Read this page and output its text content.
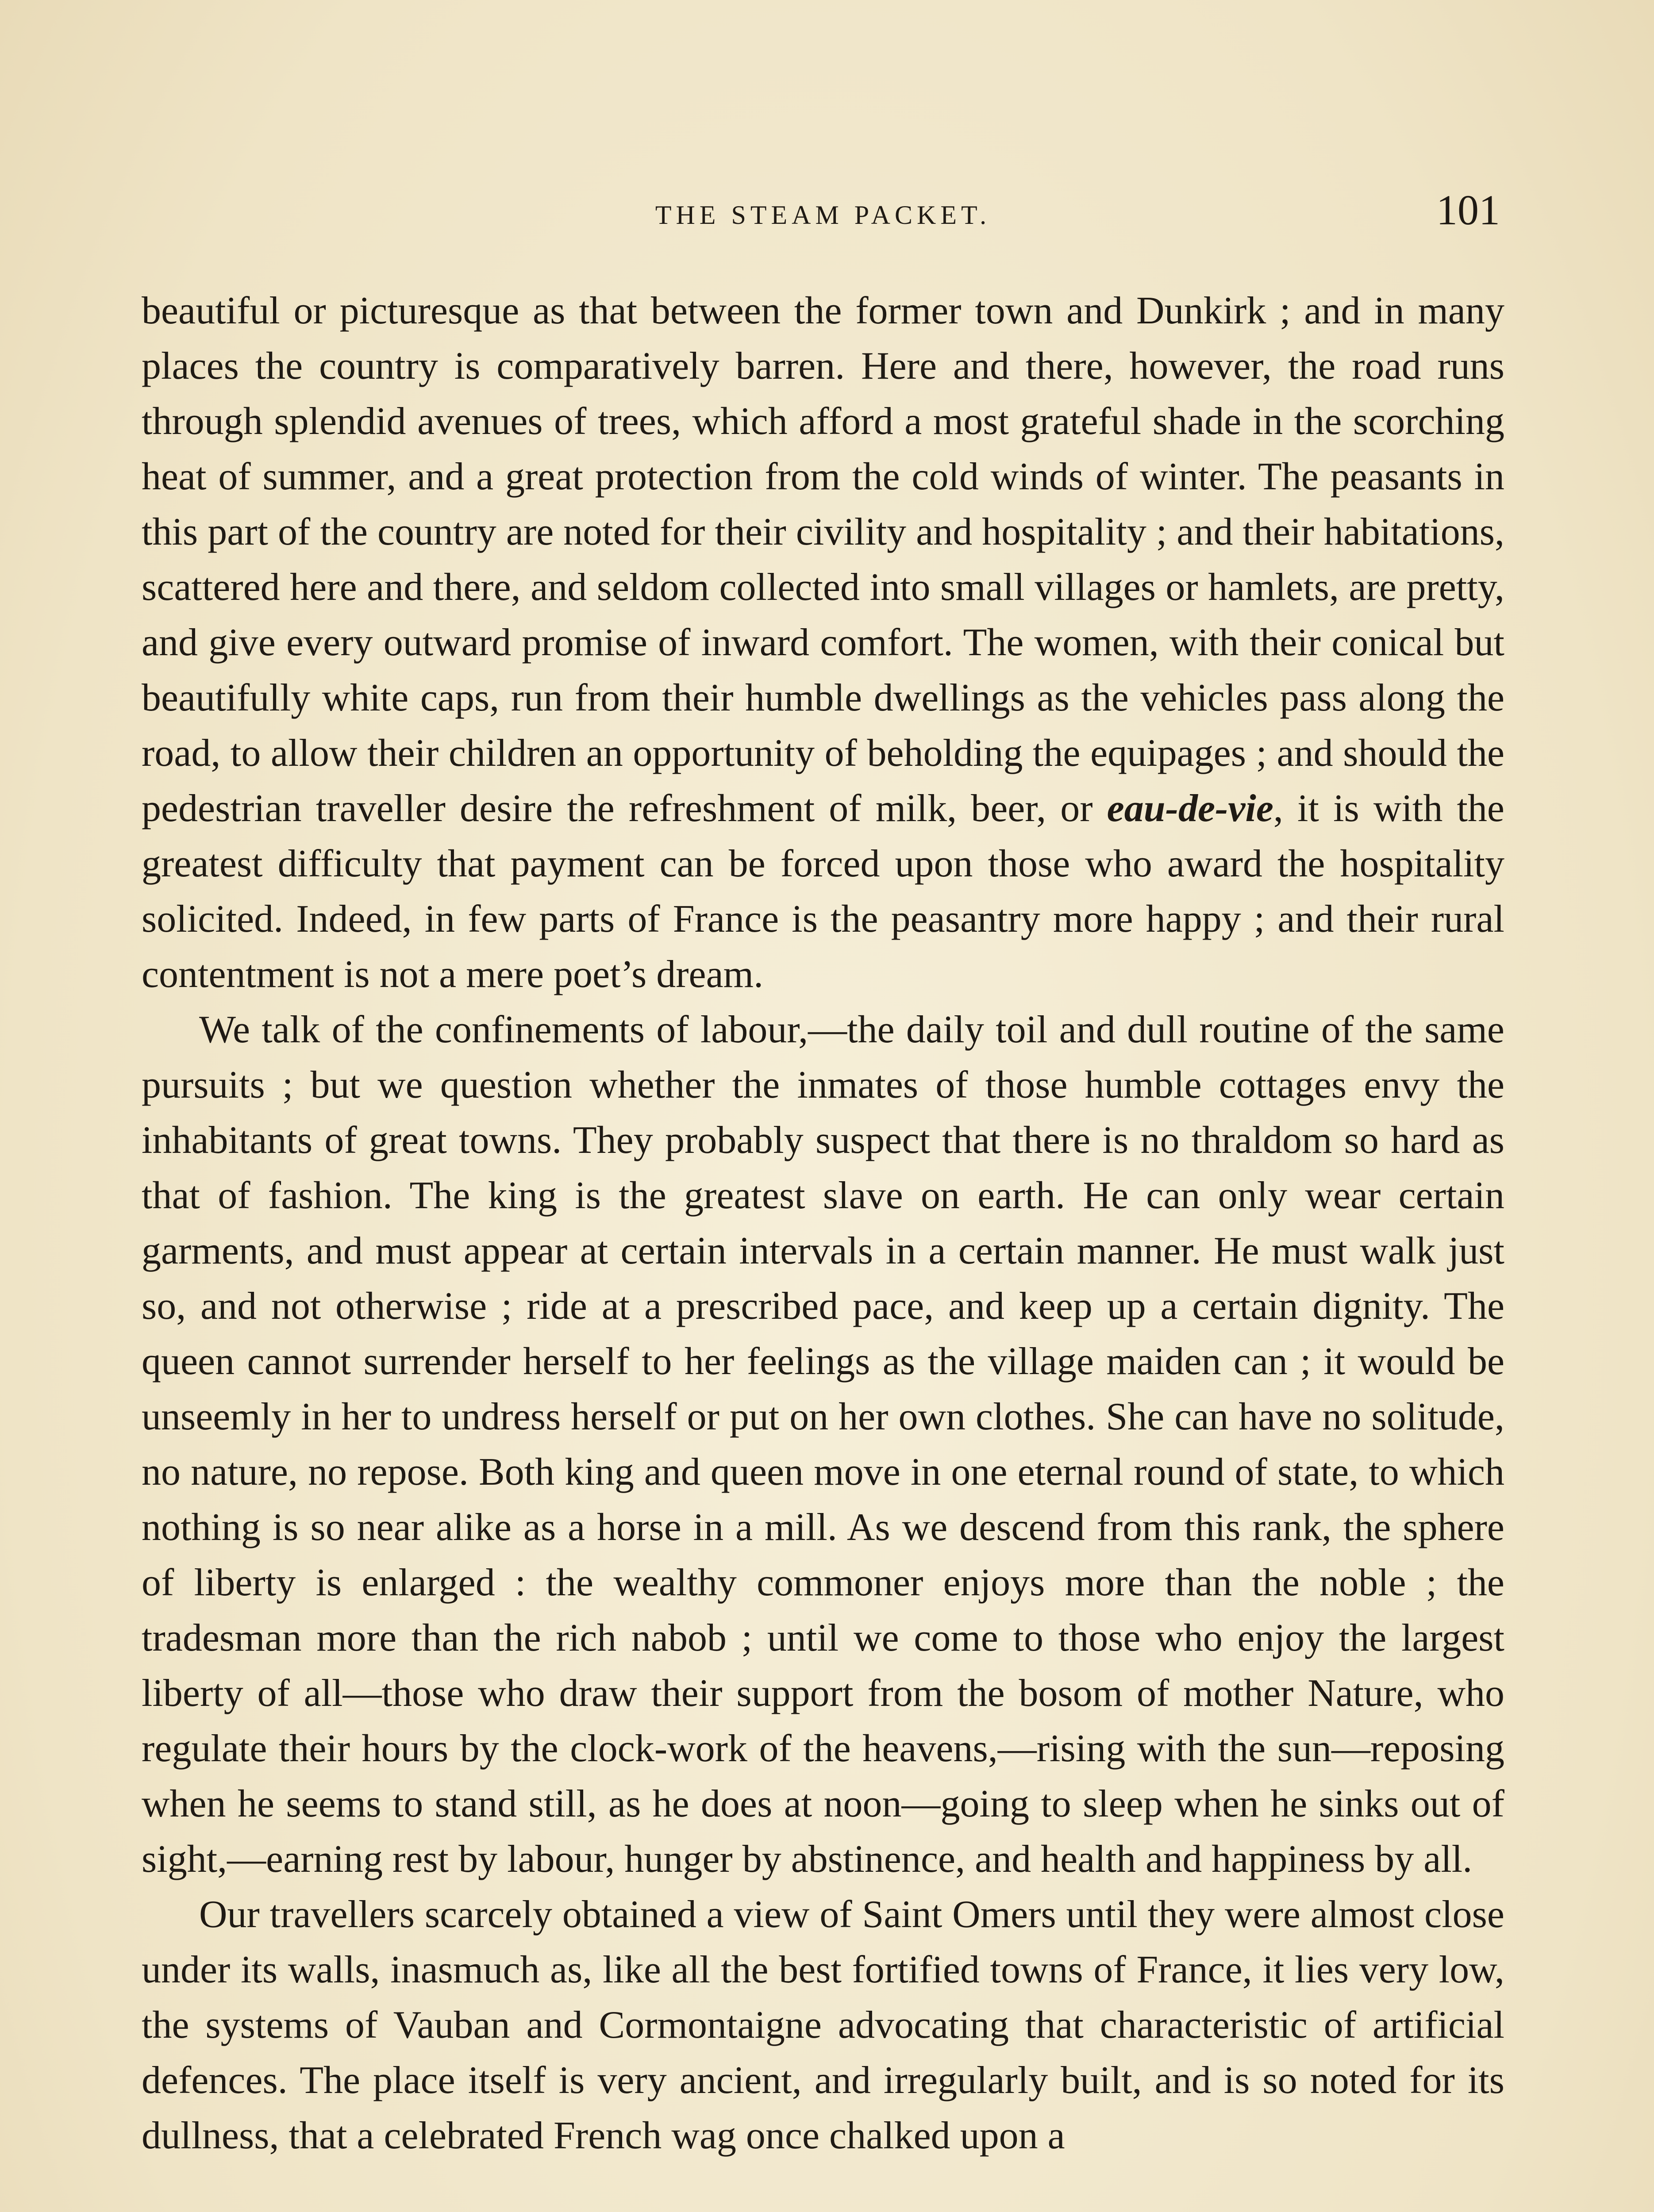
THE STEAM PACKET.	101

beautiful or picturesque as that between the former town and Dunkirk ; and in many places the country is comparatively barren. Here and there, however, the road runs through splendid avenues of trees, which afford a most grateful shade in the scorching heat of summer, and a great protection from the cold winds of winter. The peasants in this part of the country are noted for their civility and hospitality ; and their habitations, scattered here and there, and seldom collected into small villages or hamlets, are pretty, and give every outward promise of inward comfort. The women, with their conical but beautifully white caps, run from their humble dwellings as the vehicles pass along the road, to allow their children an opportunity of beholding the equipages ; and should the pedestrian traveller desire the refreshment of milk, beer, or eau-de-vie, it is with the greatest difficulty that payment can be forced upon those who award the hospitality solicited. Indeed, in few parts of France is the peasantry more happy ; and their rural contentment is not a mere poet’s dream.

We talk of the confinements of labour,—the daily toil and dull routine of the same pursuits ; but we question whether the inmates of those humble cottages envy the inhabitants of great towns. They probably suspect that there is no thraldom so hard as that of fashion. The king is the greatest slave on earth. He can only wear certain garments, and must appear at certain intervals in a certain manner. He must walk just so, and not otherwise ; ride at a prescribed pace, and keep up a certain dignity. The queen cannot surrender herself to her feelings as the village maiden can ; it would be unseemly in her to undress herself or put on her own clothes. She can have no solitude, no nature, no repose. Both king and queen move in one eternal round of state, to which nothing is so near alike as a horse in a mill. As we descend from this rank, the sphere of liberty is enlarged : the wealthy commoner enjoys more than the noble ; the tradesman more than the rich nabob ; until we come to those who enjoy the largest liberty of all—those who draw their support from the bosom of mother Nature, who regulate their hours by the clock-work of the heavens,—rising with the sun—reposing when he seems to stand still, as he does at noon—going to sleep when he sinks out of sight,—earning rest by labour, hunger by abstinence, and health and happiness by all.

Our travellers scarcely obtained a view of Saint Omers until they were almost close under its walls, inasmuch as, like all the best fortified towns of France, it lies very low, the systems of Vauban and Cormontaigne advocating that characteristic of artificial defences. The place itself is very ancient, and irregularly built, and is so noted for its dullness, that a celebrated French wag once chalked upon a
